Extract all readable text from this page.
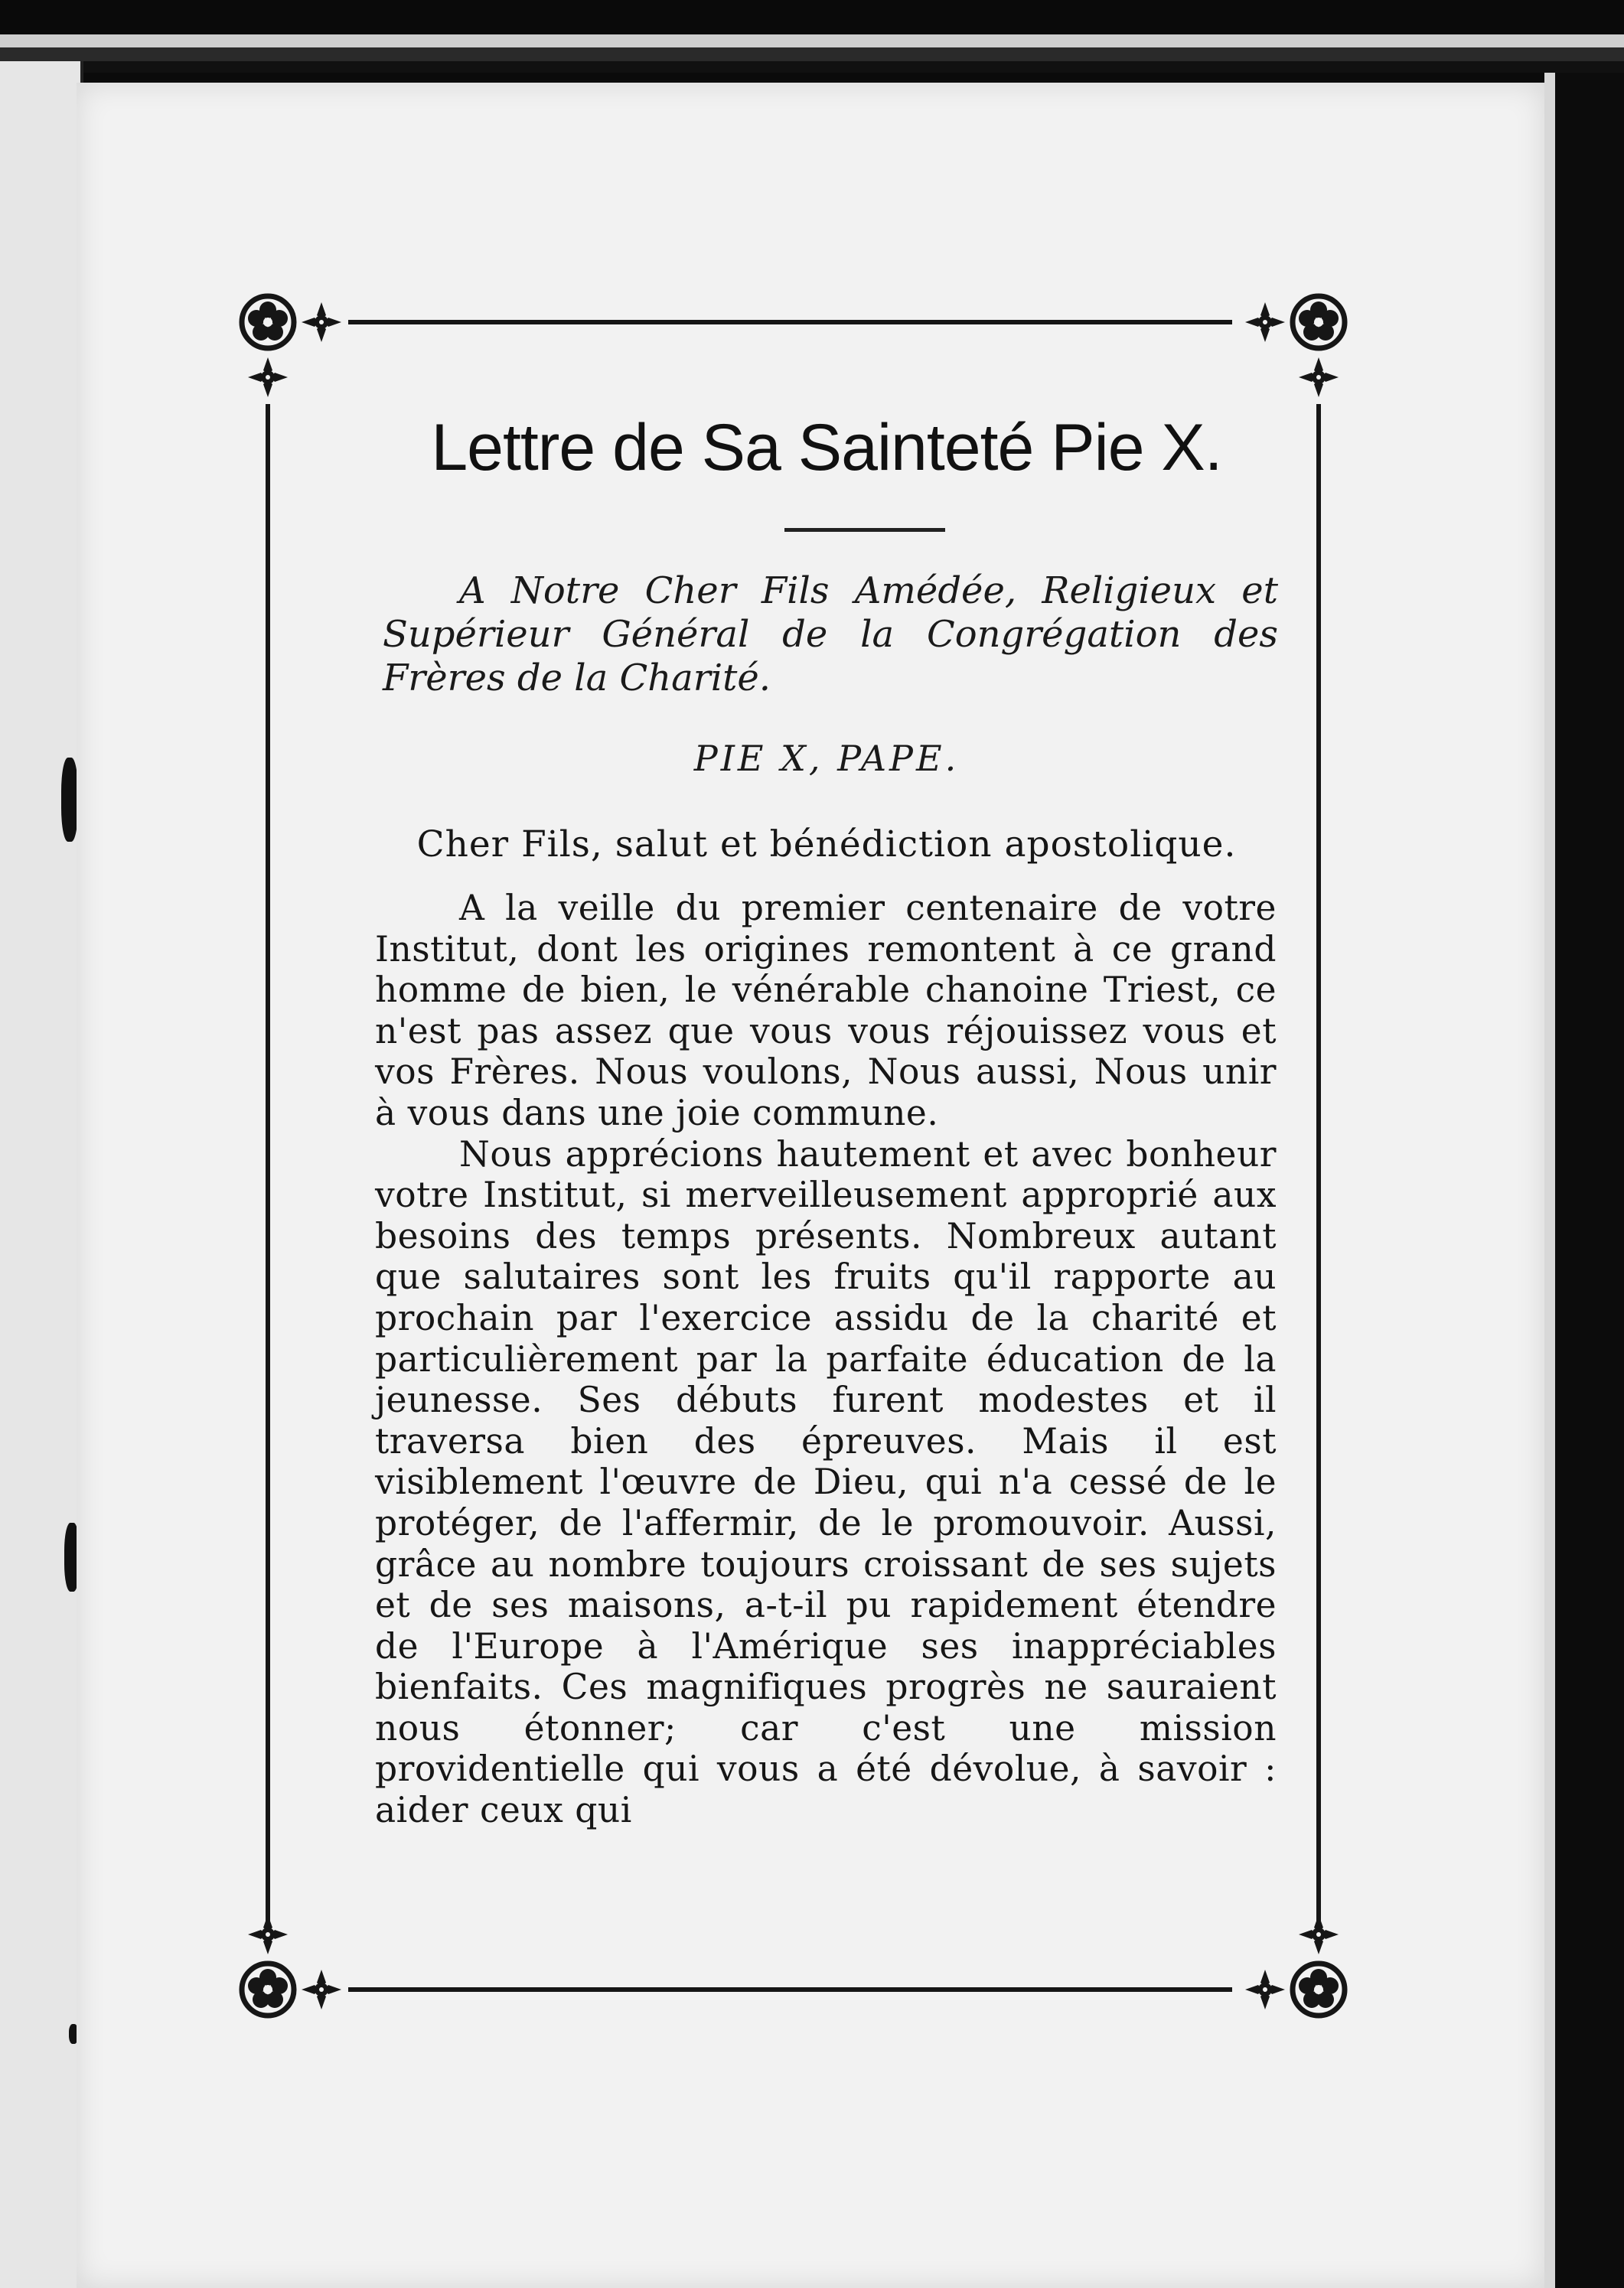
Lettre de Sa Sainteté Pie X.
A Notre Cher Fils Amédée, Religieux et Supérieur Général de la Congrégation des Frères de la Charité.
PIE X, PAPE.
Cher Fils, salut et bénédiction apostolique.

A la veille du premier centenaire de votre Institut, dont les origines remontent à ce grand homme de bien, le vénérable chanoine Triest, ce n'est pas assez que vous vous réjouissez vous et vos Frères. Nous voulons, Nous aussi, Nous unir à vous dans une joie commune.

Nous apprécions hautement et avec bonheur votre Institut, si merveilleusement approprié aux besoins des temps présents. Nombreux autant que salutaires sont les fruits qu'il rapporte au prochain par l'exercice assidu de la charité et particulièrement par la parfaite éducation de la jeunesse. Ses débuts furent modestes et il traversa bien des épreuves. Mais il est visiblement l'œuvre de Dieu, qui n'a cessé de le protéger, de l'affermir, de le promouvoir. Aussi, grâce au nombre toujours croissant de ses sujets et de ses maisons, a-t-il pu rapidement étendre de l'Europe à l'Amérique ses inappréciables bienfaits. Ces magnifiques progrès ne sauraient nous étonner; car c'est une mission providentielle qui vous a été dévolue, à savoir : aider ceux qui
